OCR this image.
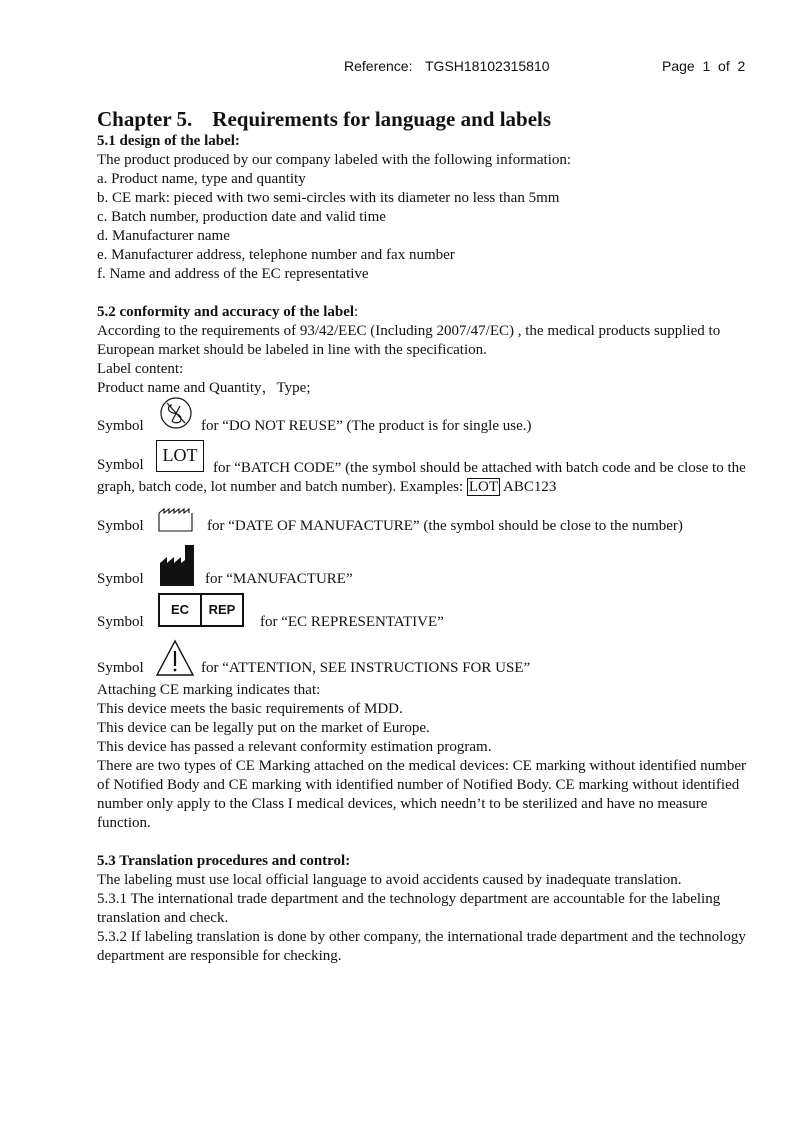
Reference: TGSH18102315810	Page  1  of  2
Chapter 5. Requirements for language and labels
5.1 design of the label:

The product produced by our company labeled with the following information:

a. Product name, type and quantity

b. CE mark: pieced with two semi-circles with its diameter no less than 5mm

c. Batch number, production date and valid time

d. Manufacturer name

e. Manufacturer address, telephone number and fax number

f. Name and address of the EC representative

5.2 conformity and accuracy of the label:

According to the requirements of 93/42/EEC (Including 2007/47/EC) , the medical products supplied to European market should be labeled in line with the specification.

Label content:

Product name and Quantity，Type;

Symbol	for “DO NOT REUSE” (The product is for single use.)
Symbol	LOT

for “BATCH CODE” (the symbol should be attached with batch code and be close to the graph, batch code, lot number and batch number). Examples: LOT ABC123

Symbol	for “DATE OF MANUFACTURE” (the symbol should be close to the number)
Symbol	for “MANUFACTURE”
Symbol
EC	REP
for “EC REPRESENTATIVE”
Symbol	for “ATTENTION, SEE INSTRUCTIONS FOR USE”

Attaching CE marking indicates that:

This device meets the basic requirements of MDD.

This device can be legally put on the market of Europe.

This device has passed a relevant conformity estimation program.

There are two types of CE Marking attached on the medical devices: CE marking without identified number of Notified Body and CE marking with identified number of Notified Body. CE marking without identified number only apply to the Class I medical devices, which needn’t to be sterilized and have no measure function.

5.3 Translation procedures and control:

The labeling must use local official language to avoid accidents caused by inadequate translation.

5.3.1 The international trade department and the technology department are accountable for the labeling translation and check.

5.3.2 If labeling translation is done by other company, the international trade department and the technology department are responsible for checking.
